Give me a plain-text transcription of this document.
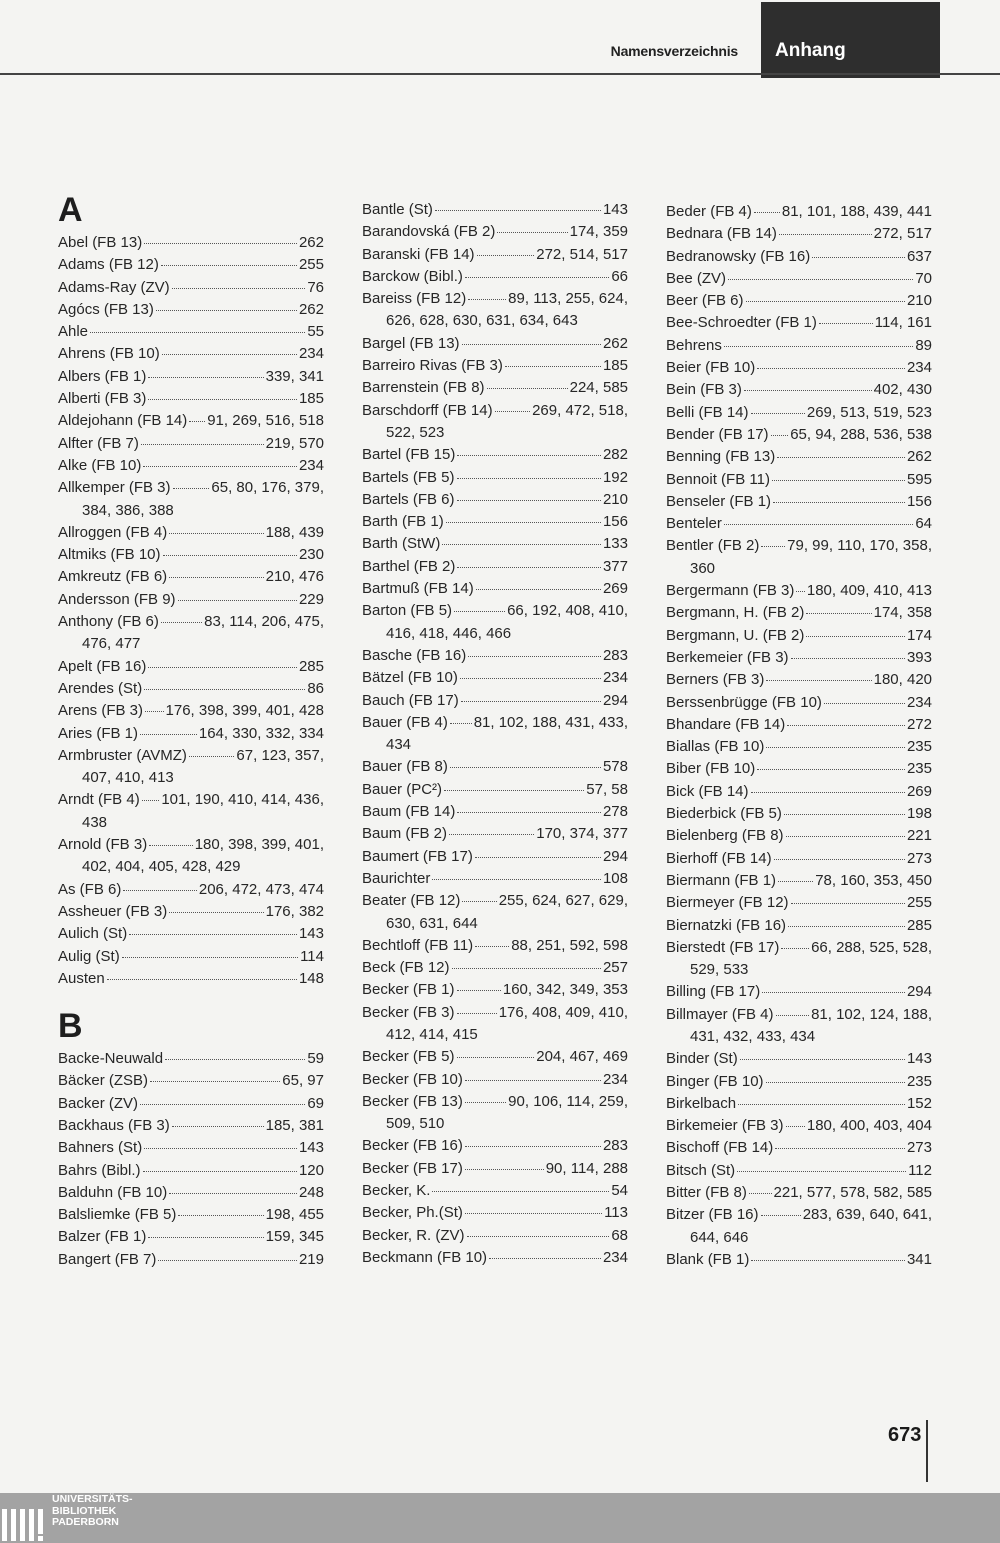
Namensverzeichnis	Anhang
A
Abel (FB 13)	262
Adams (FB 12)	255
Adams-Ray (ZV)	76
Agócs (FB 13)	262
Ahle	55
Ahrens (FB 10)	234
Albers (FB 1)	339, 341
Alberti (FB 3)	185
Aldejohann (FB 14) 91, 269, 516, 518
Alfter (FB 7)	219, 570
Alke (FB 10)	234
Allkemper (FB 3)	65, 80, 176, 379,
384, 386, 388
Allroggen (FB 4)	188, 439
Altmiks (FB 10)	230
Amkreutz (FB 6)	210, 476
Andersson (FB 9)	229
Anthony (FB 6)	83, 114, 206, 475,
476, 477
Apelt (FB 16)	285
Arendes (St)	86
Arens (FB 3) 176, 398, 399, 401, 428
Aries (FB 1)	164, 330, 332, 334
Armbruster (AVMZ)	67, 123, 357,
407, 410, 413
Arndt (FB 4) 101, 190, 410, 414, 436,
438
Arnold (FB 3)	180, 398, 399, 401,
402, 404, 405, 428, 429
As (FB 6)	206, 472, 473, 474
Assheuer (FB 3)	176, 382
Aulich (St)	143
Aulig (St)	114
Austen	148
B
Backe-Neuwald	59
Bäcker (ZSB)	65, 97
Backer (ZV)	69
Backhaus (FB 3)	185, 381
Bahners (St)	143
Bahrs (Bibl.)	120
Balduhn (FB 10)	248
Balsliemke (FB 5)	198, 455
Balzer (FB 1)	159, 345
Bangert (FB 7)	219
Bantle (St)	143
Barandovská (FB 2)	174, 359
Baranski (FB 14)	272, 514, 517
Barckow (Bibl.)	66
Bareiss (FB 12)	89, 113, 255, 624,
626, 628, 630, 631, 634, 643
Bargel (FB 13)	262
Barreiro Rivas (FB 3)	185
Barrenstein (FB 8)	224, 585
Barschdorff (FB 14)	269, 472, 518,
522, 523
Bartel (FB 15)	282
Bartels (FB 5)	192
Bartels (FB 6)	210
Barth (FB 1)	156
Barth (StW)	133
Barthel (FB 2)	377
Bartmuß (FB 14)	269
Barton (FB 5)	66, 192, 408, 410,
416, 418, 446, 466
Basche (FB 16)	283
Bätzel (FB 10)	234
Bauch (FB 17)	294
Bauer (FB 4) 81, 102, 188, 431, 433,
434
Bauer (FB 8)	578
Bauer (PC²)	57, 58
Baum (FB 14)	278
Baum (FB 2)	170, 374, 377
Baumert (FB 17)	294
Baurichter	108
Beater (FB 12)	255, 624, 627, 629,
630, 631, 644
Bechtloff (FB 11)	88, 251, 592, 598
Beck (FB 12)	257
Becker (FB 1)	160, 342, 349, 353
Becker (FB 3)	176, 408, 409, 410,
412, 414, 415
Becker (FB 5)	204, 467, 469
Becker (FB 10)	234
Becker (FB 13)	90, 106, 114, 259,
509, 510
Becker (FB 16)	283
Becker (FB 17)	90, 114, 288
Becker, K.	54
Becker, Ph.(St)	113
Becker, R. (ZV)	68
Beckmann (FB 10)	234
Beder (FB 4) 81, 101, 188, 439, 441
Bednara (FB 14)	272, 517
Bedranowsky (FB 16)	637
Bee (ZV)	70
Beer (FB 6)	210
Bee-Schroedter (FB 1)	114, 161
Behrens	89
Beier (FB 10)	234
Bein (FB 3)	402, 430
Belli (FB 14)	269, 513, 519, 523
Bender (FB 17) 65, 94, 288, 536, 538
Benning (FB 13)	262
Bennoit (FB 11)	595
Benseler (FB 1)	156
Benteler	64
Bentler (FB 2) 79, 99, 110, 170, 358,
360
Bergermann (FB 3) 180, 409, 410, 413
Bergmann, H. (FB 2)	174, 358
Bergmann, U. (FB 2)	174
Berkemeier (FB 3)	393
Berners (FB 3)	180, 420
Berssenbrügge (FB 10)	234
Bhandare (FB 14)	272
Biallas (FB 10)	235
Biber (FB 10)	235
Bick (FB 14)	269
Biederbick (FB 5)	198
Bielenberg (FB 8)	221
Bierhoff (FB 14)	273
Biermann (FB 1)	78, 160, 353, 450
Biermeyer (FB 12)	255
Biernatzki (FB 16)	285
Bierstedt (FB 17) 66, 288, 525, 528,
529, 533
Billing (FB 17)	294
Billmayer (FB 4)	81, 102, 124, 188,
431, 432, 433, 434
Binder (St)	143
Binger (FB 10)	235
Birkelbach	152
Birkemeier (FB 3) 180, 400, 403, 404
Bischoff (FB 14)	273
Bitsch (St)	112
Bitter (FB 8) 221, 577, 578, 582, 585
Bitzer (FB 16)	283, 639, 640, 641,
644, 646
Blank (FB 1)	341
673
UNIVERSITÄTS-
BIBLIOTHEK
PADERBORN
